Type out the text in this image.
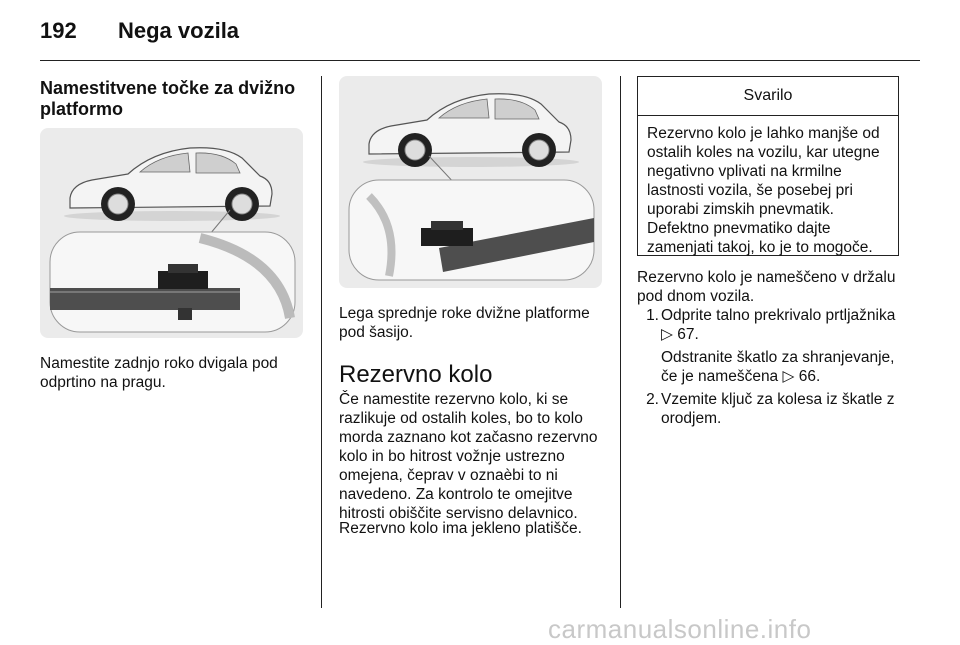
192 Nega vozila
Namestitvene točke za dvižno platformo
Namestite zadnjo roko dvigala pod odprtino na pragu.
Lega sprednje roke dvižne platforme pod šasijo.
Rezervno kolo
Če namestite rezervno kolo, ki se razlikuje od ostalih koles, bo to kolo morda zaznano kot začasno rezervno kolo in bo hitrost vožnje ustrezno omejena, čeprav v oznaèbi to ni navedeno. Za kontrolo te omejitve hitrosti obiščite servisno delavnico.
Rezervno kolo ima jekleno platišče.
Svarilo
Rezervno kolo je lahko manjše od ostalih koles na vozilu, kar utegne negativno vplivati na krmilne lastnosti vozila, še posebej pri uporabi zimskih pnevmatik. Defektno pnevmatiko dajte zamenjati takoj, ko je to mogoče.
Rezervno kolo je nameščeno v držalu pod dnom vozila.
1. Odprite talno prekrivalo prtljažnika ▷ 67.
Odstranite škatlo za shranjevanje, če je nameščena ▷ 66.
2. Vzemite ključ za kolesa iz škatle z orodjem.
carmanualsonline.info
